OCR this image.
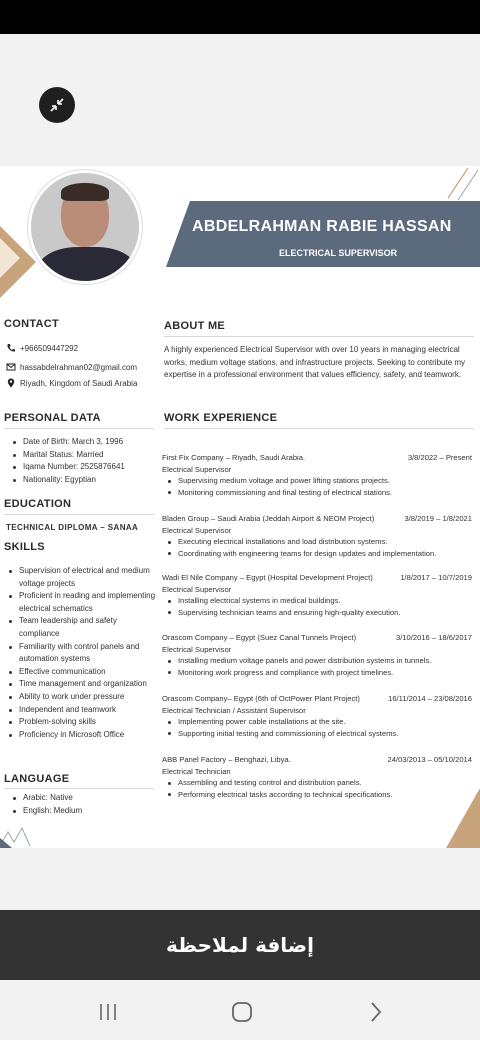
ABDELRAHMAN RABIE HASSAN
ELECTRICAL SUPERVISOR
CONTACT
+966509447292
hassabdelrahman02@gmail.com
Riyadh, Kingdom of Saudi Arabia
ABOUT ME
A highly experienced Electrical Supervisor with over 10 years in managing electrical works, medium voltage stations, and infrastructure projects. Seeking to contribute my expertise in a professional environment that values efficiency, safety, and teamwork.
PERSONAL DATA
Date of Birth: March 3, 1996
Marital Status: Married
Iqama Number: 2525876641
Nationality: Egyptian
EDUCATION
TECHNICAL DIPLOMA – SANAA
SKILLS
Supervision of electrical and medium voltage projects
Proficient in reading and implementing electrical schematics
Team leadership and safety compliance
Familiarity with control panels and automation systems
Effective communication
Time management and organization
Ability to work under pressure
Independent and teamwork
Problem-solving skills
Proficiency in Microsoft Office
LANGUAGE
Arabic: Native
English: Medium
WORK EXPERIENCE
First Fix Company – Riyadh, Saudi Arabia.	3/8/2022 – Present
Electrical Supervisor
Supervising medium voltage and power lifting stations projects.
Monitoring commissioning and final testing of electrical stations.
Bladen Group – Saudi Arabia (Jeddah Airport & NEOM Project)	3/8/2019 – 1/8/2021
Electrical Supervisor
Executing electrical installations and load distribution systems.
Coordinating with engineering teams for design updates and implementation.
Wadi El Nile Company – Egypt (Hospital Development Project)	1/8/2017 – 10/7/2019
Electrical Supervisor
Installing electrical systems in medical buildings.
Supervising technician teams and ensuring high-quality execution.
Orascom Company – Egypt (Suez Canal Tunnels Project)	3/10/2016 – 18/6/2017
Electrical Supervisor
Installing medium voltage panels and power distribution systems in tunnels.
Monitoring work progress and compliance with project timelines.
Orascom Company– Egypt (6th of OctPower Plant Project)	16/11/2014 – 23/08/2016
Electrical Technician / Assistant Supervisor
Implementing power cable installations at the site.
Supporting initial testing and commissioning of electrical systems.
ABB Panel Factory – Benghazi, Libya.	24/03/2013 – 05/10/2014
Electrical Technician
Assembling and testing control and distribution panels.
Performing electrical tasks according to technical specifications.
إضافة لملاحظة
